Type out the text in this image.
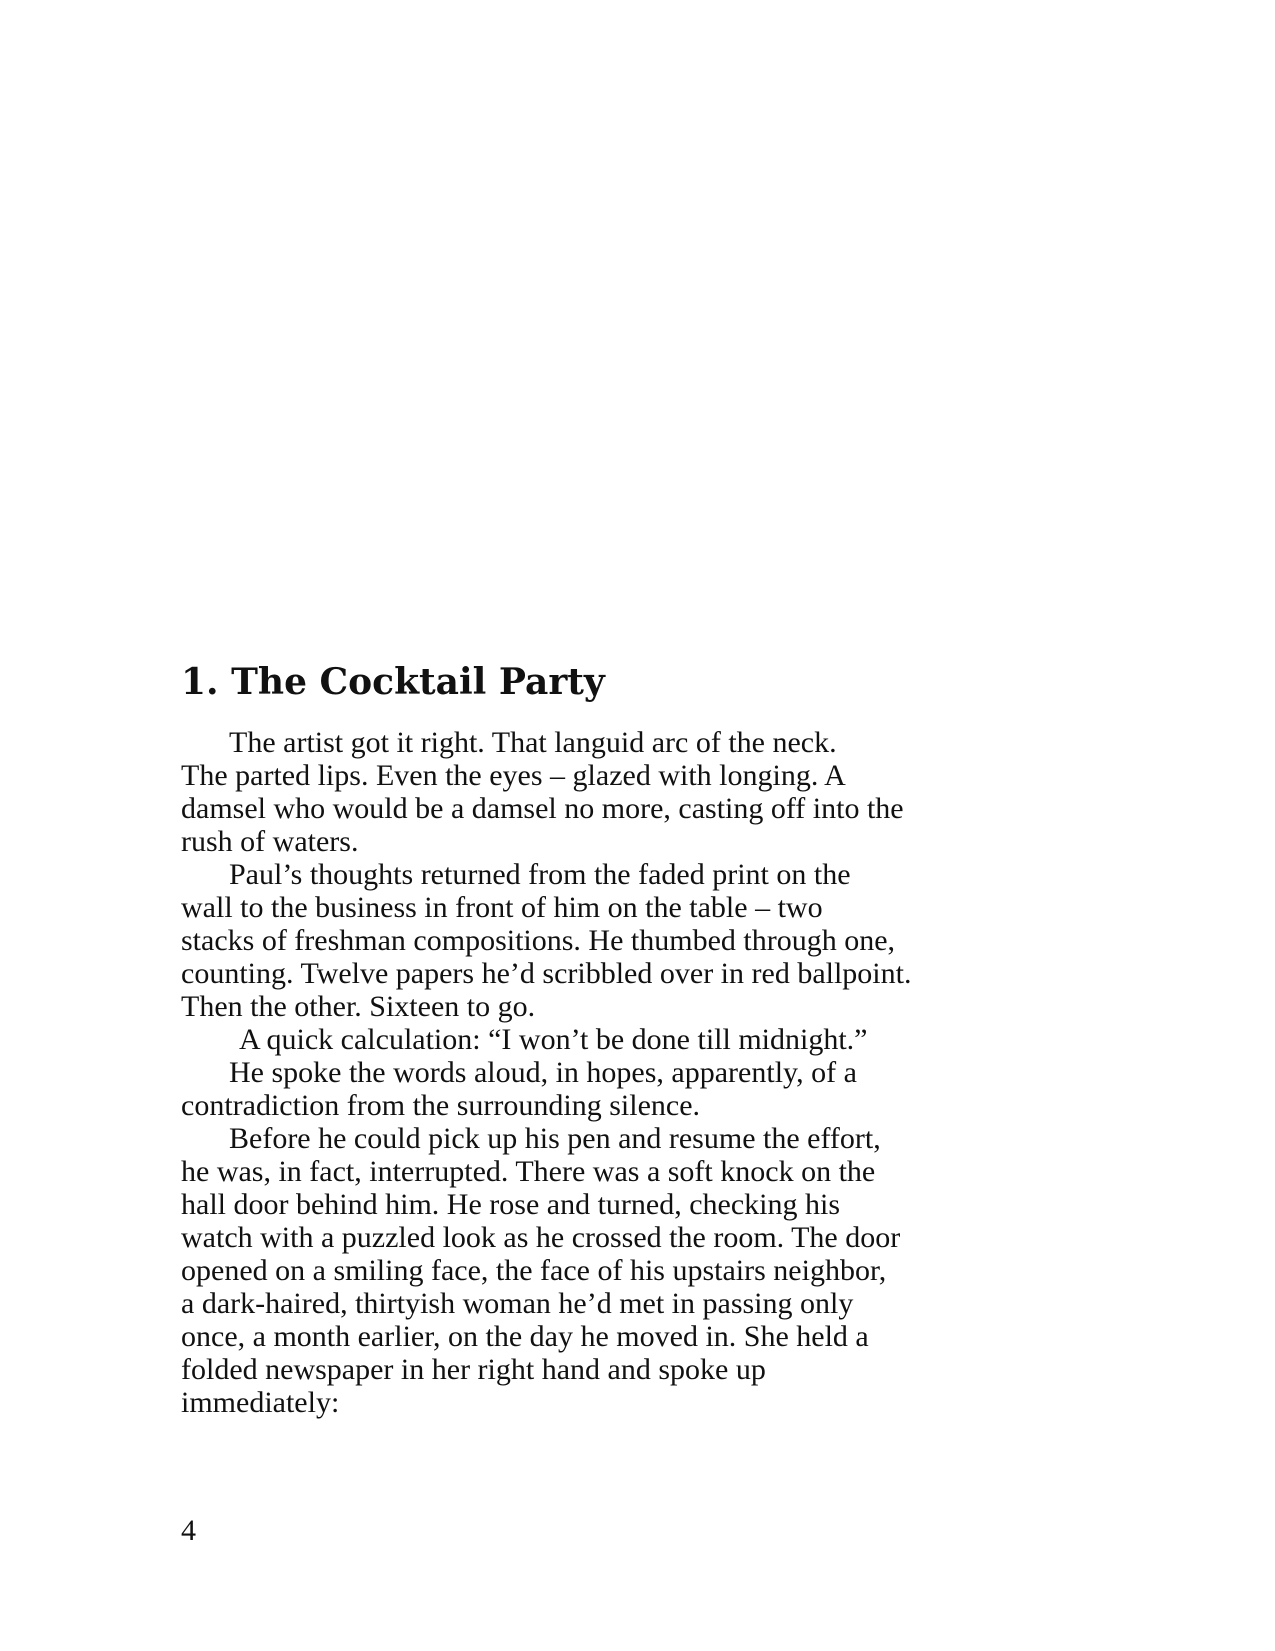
1. The Cocktail Party
The artist got it right. That languid arc of the neck.
The parted lips. Even the eyes – glazed with longing. A
damsel who would be a damsel no more, casting off into the
rush of waters.
Paul’s thoughts returned from the faded print on the
wall to the business in front of him on the table – two
stacks of freshman compositions. He thumbed through one,
counting. Twelve papers he’d scribbled over in red ballpoint.
Then the other. Sixteen to go.
A quick calculation: “I won’t be done till midnight.”
He spoke the words aloud, in hopes, apparently, of a
contradiction from the surrounding silence.
Before he could pick up his pen and resume the effort,
he was, in fact, interrupted. There was a soft knock on the
hall door behind him. He rose and turned, checking his
watch with a puzzled look as he crossed the room. The door
opened on a smiling face, the face of his upstairs neighbor,
a dark-haired, thirtyish woman he’d met in passing only
once, a month earlier, on the day he moved in. She held a
folded newspaper in her right hand and spoke up
immediately:
4
